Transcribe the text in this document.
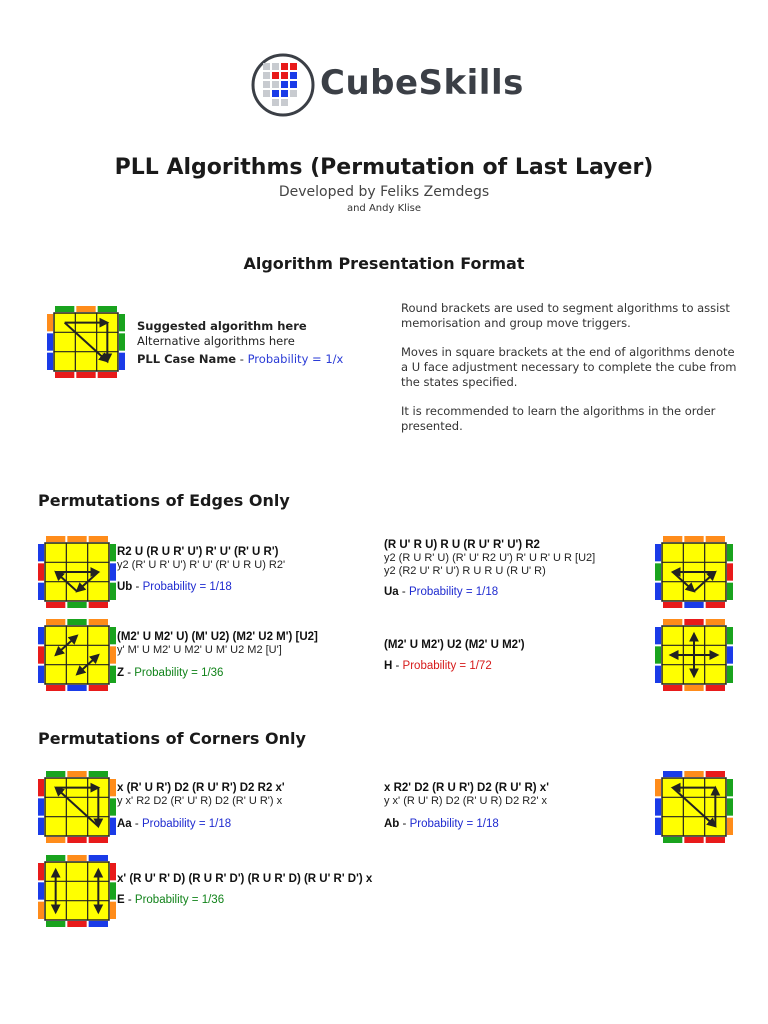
CubeSkills
PLL Algorithms (Permutation of Last Layer)
Developed by Feliks Zemdegs
and Andy Klise
Algorithm Presentation Format
Suggested algorithm here
Alternative algorithms here
PLL Case Name - Probability = 1/x
Round brackets are used to segment algorithms to assist memorisation and group move triggers.
Moves in square brackets at the end of algorithms denote a U face adjustment necessary to complete the cube from the states specified.
It is recommended to learn the algorithms in the order presented.
Permutations of Edges Only
R2 U (R U R' U') R' U' (R' U R')
y2 (R' U R' U') R' U' (R' U R U) R2'
Ub - Probability = 1/18
(R U' R U) R U (R U' R' U') R2
y2 (R U R' U) (R' U' R2 U') R' U R' U R [U2]
y2 (R2 U' R' U') R U R U (R U' R)
Ua - Probability = 1/18
(M2' U M2' U) (M' U2) (M2' U2 M') [U2]
y' M' U M2' U M2' U M' U2 M2 [U']
Z - Probability = 1/36
(M2' U M2') U2 (M2' U M2')
H - Probability = 1/72
Permutations of Corners Only
x (R' U R') D2 (R U' R') D2 R2 x'
y x' R2 D2 (R' U' R) D2 (R' U R') x
Aa - Probability = 1/18
x R2' D2 (R U R') D2 (R U' R) x'
y x' (R U' R) D2 (R' U R) D2 R2' x
Ab - Probability = 1/18
x' (R U' R' D) (R U R' D') (R U R' D) (R U' R' D') x
E - Probability = 1/36
